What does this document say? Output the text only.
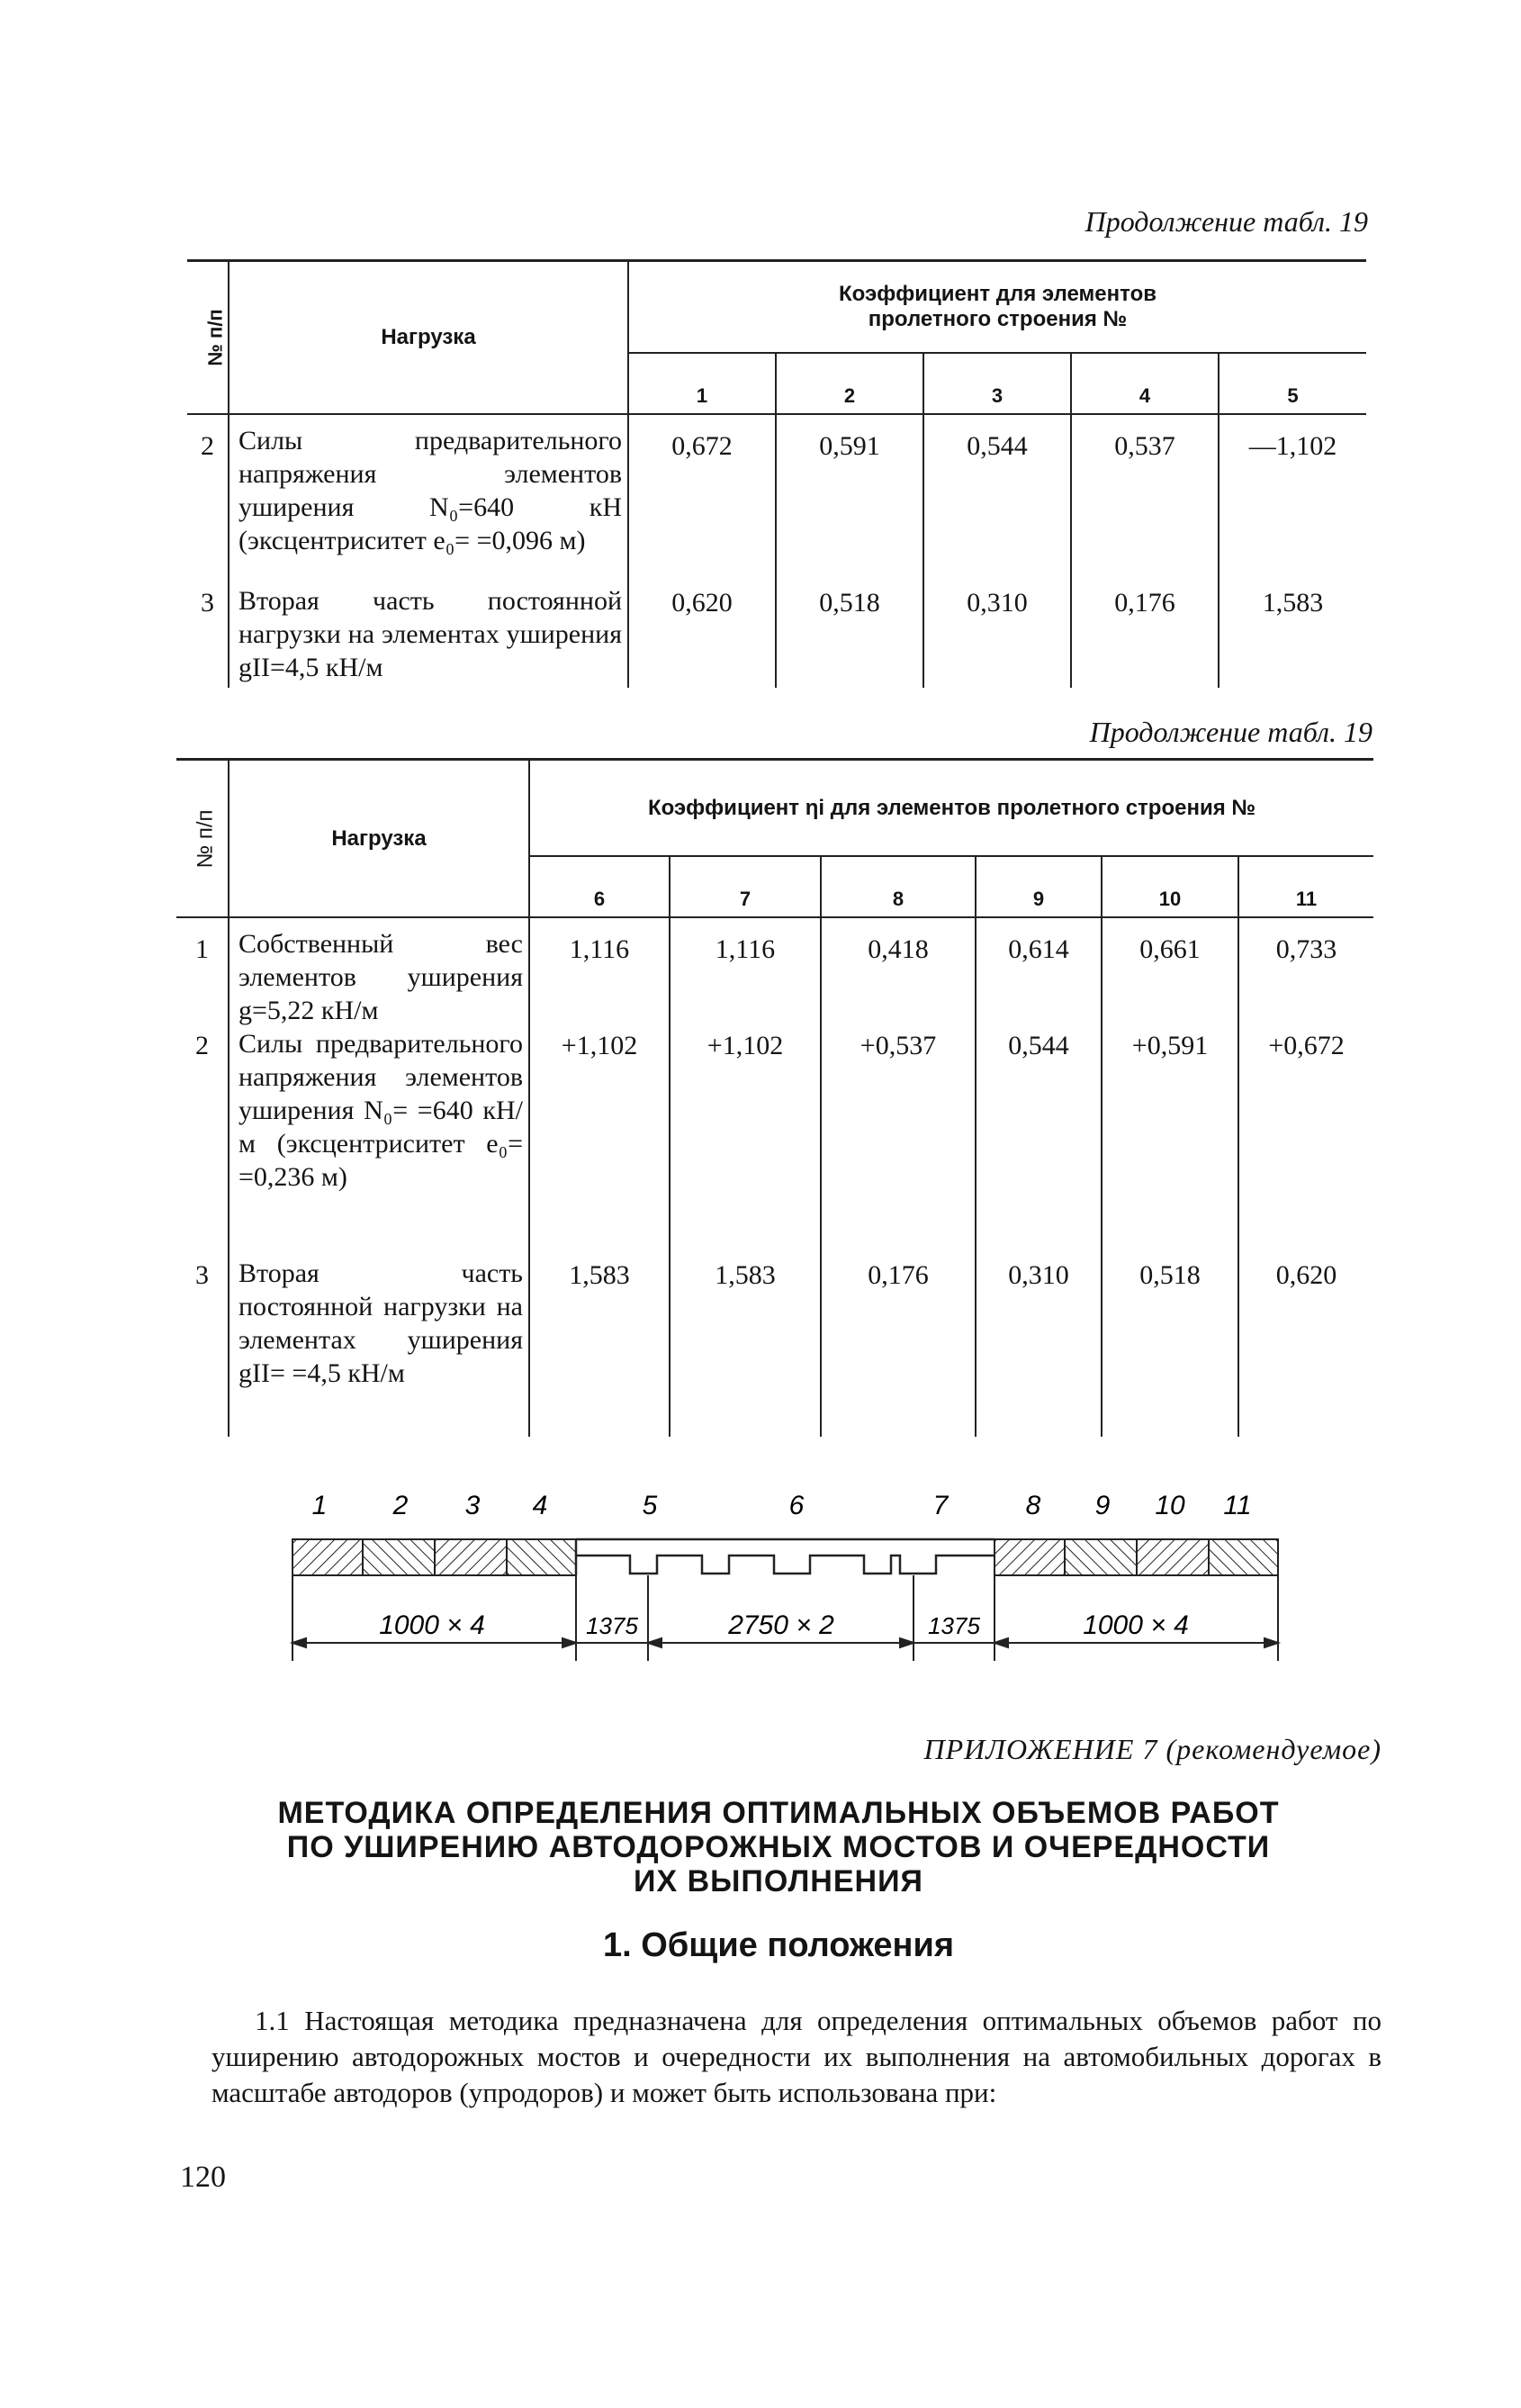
Продолжение табл. 19
№ п/п	Нагрузка	Коэффициент для элементов
пролетного строения №				
		1	2	3	4	5
2	Силы предварительного напряжения элементов уширения N₀=640 кН (эксцентриситет e₀= =0,096 м)	0,672	0,591	0,544	0,537	—1,102
3	Вторая часть постоянной нагрузки на элементах уширения gII=4,5 кН/м	0,620	0,518	0,310	0,176	1,583
Продолжение табл. 19
№ п/п	Нагрузка	Коэффициент ηi для элементов пролетного строения №					
		6	7	8	9	10	11
1	Собственный вес элементов уширения g=5,22 кН/м	1,116	1,116	0,418	0,614	0,661	0,733
2	Силы предварительного напряжения элементов уширения N₀= =640 кН/м (эксцентриситет e₀= =0,236 м)	+1,102	+1,102	+0,537	0,544	+0,591	+0,672
3	Вторая часть постоянной нагрузки на элементах уширения gII= =4,5 кН/м	1,583	1,583	0,176	0,310	0,518	0,620
1 2 3 4	5	6	7	8 9 10 11
1000 × 4	1375	2750 × 2	1375	1000 × 4
ПРИЛОЖЕНИЕ 7 (рекомендуемое)
МЕТОДИКА ОПРЕДЕЛЕНИЯ ОПТИМАЛЬНЫХ ОБЪЕМОВ РАБОТ
ПО УШИРЕНИЮ АВТОДОРОЖНЫХ МОСТОВ И ОЧЕРЕДНОСТИ
ИХ ВЫПОЛНЕНИЯ
1. Общие положения
1.1 Настоящая методика предназначена для определения оптимальных объемов работ по уширению автодорожных мостов и очередности их выполнения на автомобильных дорогах в масштабе автодоров (упродоров) и может быть использована при:
120
